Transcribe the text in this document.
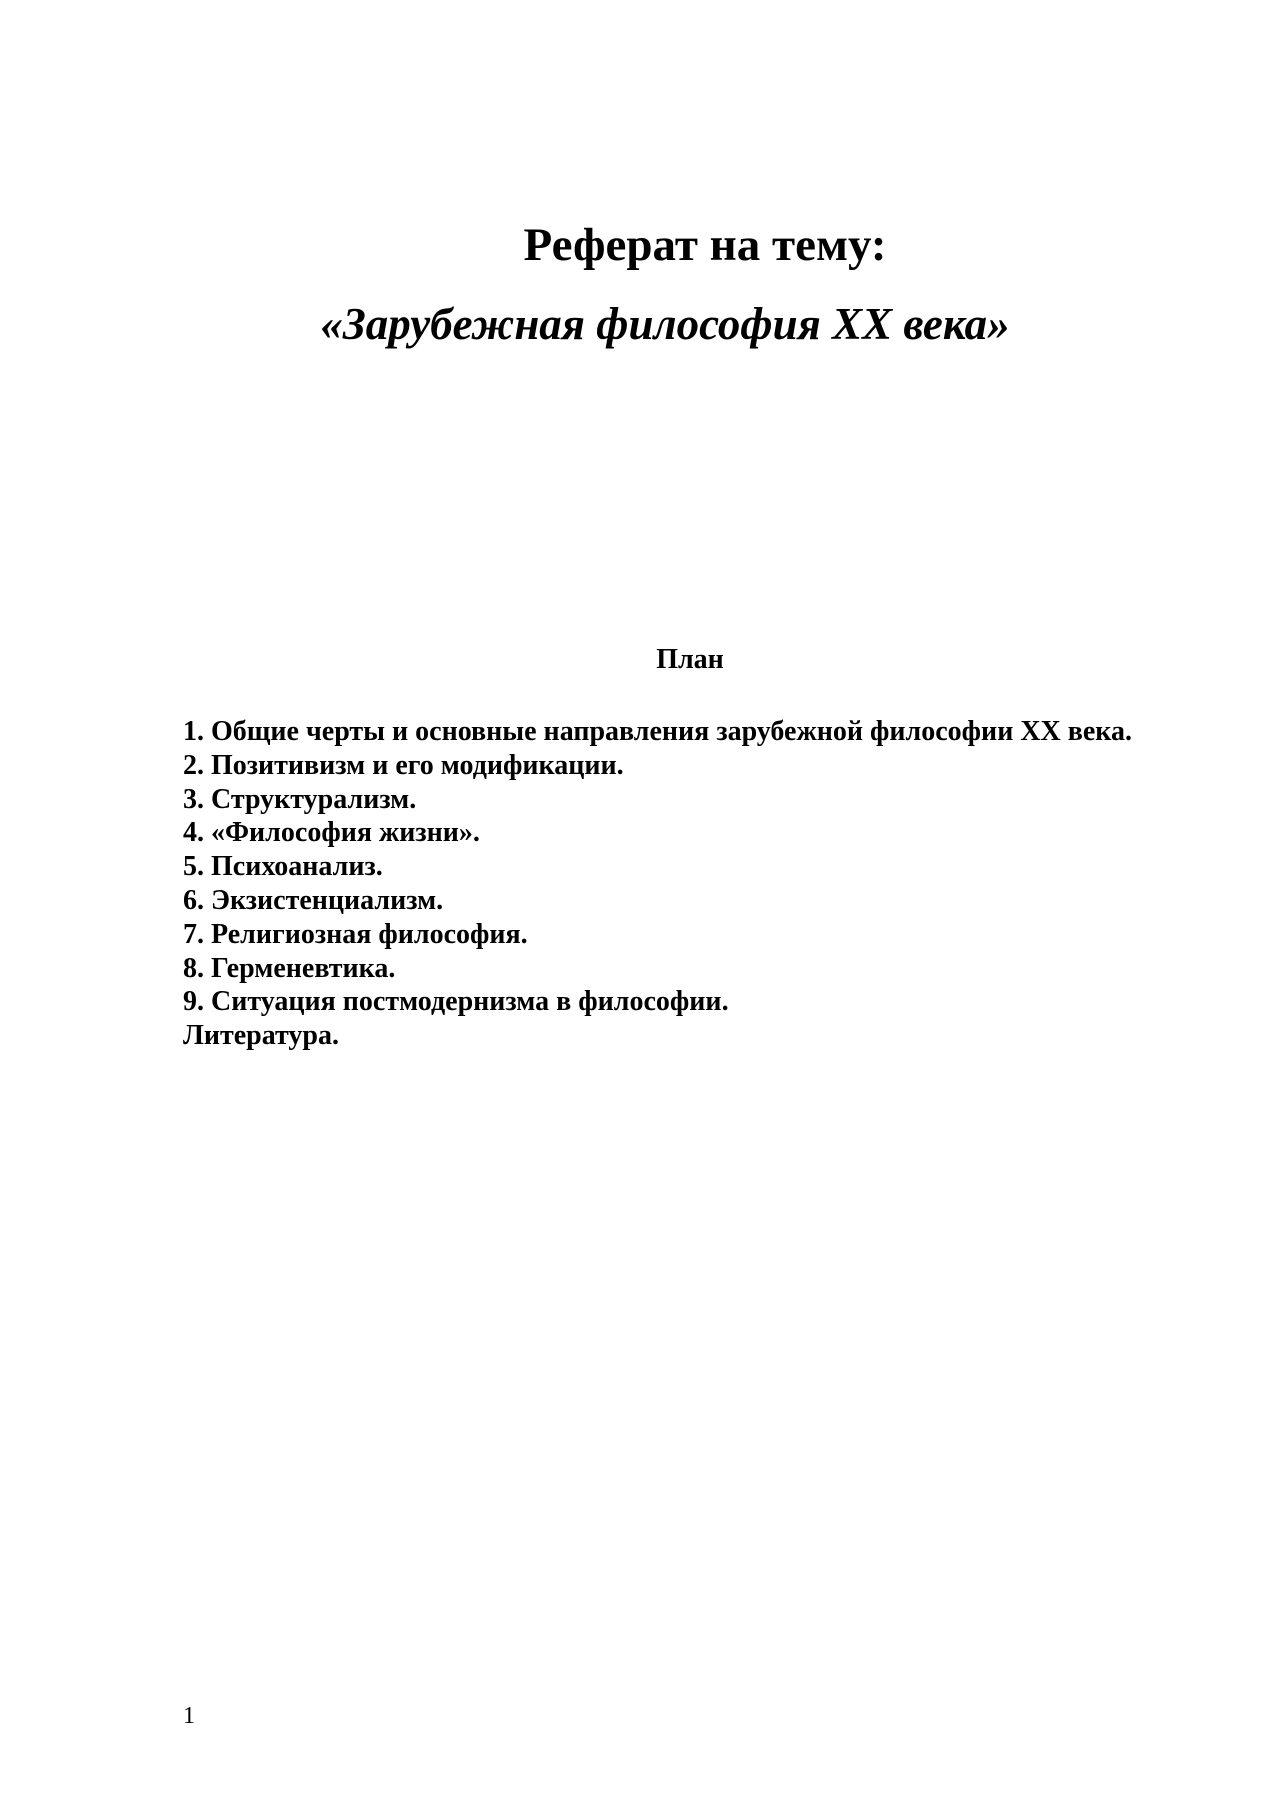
Реферат на тему:
«Зарубежная философия XX века»
План
1. Общие черты и основные направления зарубежной философии XX века.
2. Позитивизм и его модификации.
3. Структурализм.
4. «Философия жизни».
5. Психоанализ.
6. Экзистенциализм.
7. Религиозная философия.
8. Герменевтика.
9. Ситуация постмодернизма в философии.
Литература.
1
